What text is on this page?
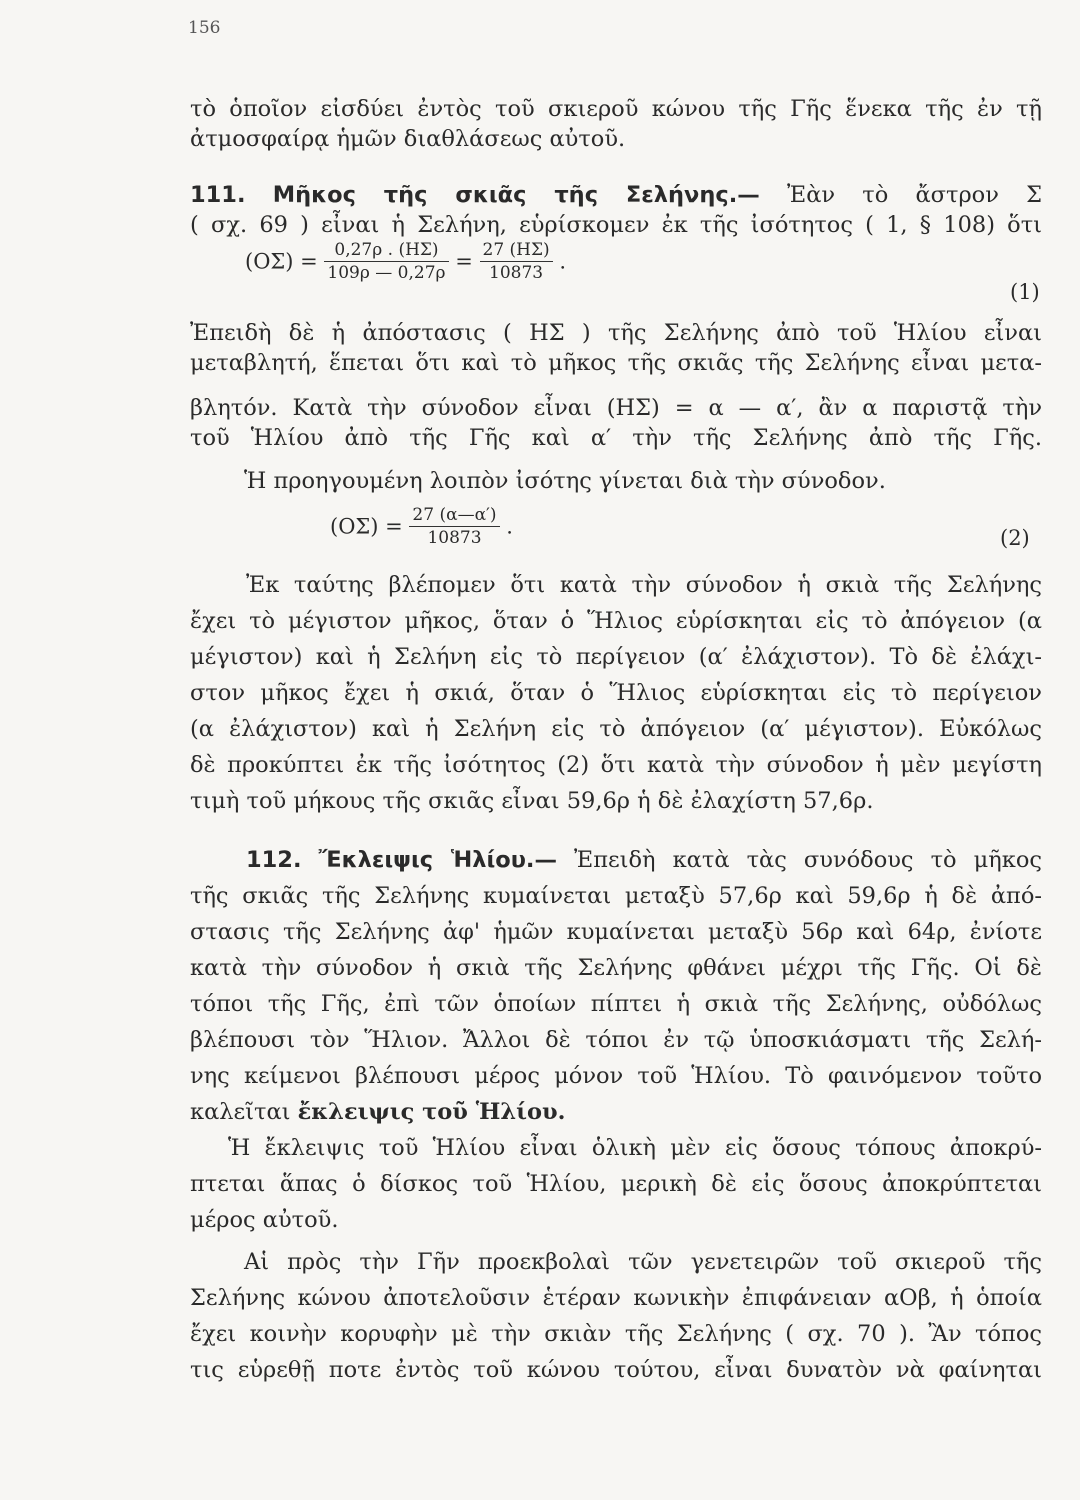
156
τὸ ὁποῖον εἰσδύει ἐντὸς τοῦ σκιεροῦ κώνου τῆς Γῆς ἕνεκα τῆς ἐν τῇ
ἀτμοσφαίρᾳ ἡμῶν διαθλάσεως αὐτοῦ.
111. Μῆκος τῆς σκιᾶς τῆς Σελήνης.— Ἐὰν τὸ ἄστρον Σ
( σχ. 69 ) εἶναι ἡ Σελήνη, εὑρίσκομεν ἐκ τῆς ἰσότητος ( 1, § 108) ὅτι
$(O\Sigma) = \frac{0,27\rho . (H\Sigma)}{109\rho — 0,27\rho} = \frac{27 (H\Sigma)}{10873}$ .
(1)
Ἐπειδὴ δὲ ἡ ἀπόστασις ( ΗΣ ) τῆς Σελήνης ἀπὸ τοῦ Ἡλίου εἶναι
μεταβλητή, ἕπεται ὅτι καὶ τὸ μῆκος τῆς σκιᾶς τῆς Σελήνης εἶναι μετα-
βλητόν. Κατὰ τὴν σύνοδον εἶναι (ΗΣ) = α — α′, ἂν α παριστᾷ τὴν
τοῦ Ἡλίου ἀπὸ τῆς Γῆς καὶ α′ τὴν τῆς Σελήνης ἀπὸ τῆς Γῆς.
Ἡ προηγουμένη λοιπὸν ἰσότης γίνεται διὰ τὴν σύνοδον.
$(O\Sigma) = \frac{27 (\alpha—\alpha')}{10873}$ .	(2)
Ἐκ ταύτης βλέπομεν ὅτι κατὰ τὴν σύνοδον ἡ σκιὰ τῆς Σελήνης
ἔχει τὸ μέγιστον μῆκος, ὅταν ὁ Ἥλιος εὑρίσκηται εἰς τὸ ἀπόγειον (α
μέγιστον) καὶ ἡ Σελήνη εἰς τὸ περίγειον (α′ ἐλάχιστον). Τὸ δὲ ἐλάχι-
στον μῆκος ἔχει ἡ σκιά, ὅταν ὁ Ἥλιος εὑρίσκηται εἰς τὸ περίγειον
(α ἐλάχιστον) καὶ ἡ Σελήνη εἰς τὸ ἀπόγειον (α′ μέγιστον). Εὐκόλως
δὲ προκύπτει ἐκ τῆς ἰσότητος (2) ὅτι κατὰ τὴν σύνοδον ἡ μὲν μεγίστη
τιμὴ τοῦ μήκους τῆς σκιᾶς εἶναι 59,6ρ ἡ δὲ ἐλαχίστη 57,6ρ.
112. Ἔκλειψις Ἡλίου.— Ἐπειδὴ κατὰ τὰς συνόδους τὸ μῆκος
τῆς σκιᾶς τῆς Σελήνης κυμαίνεται μεταξὺ 57,6ρ καὶ 59,6ρ ἡ δὲ ἀπό-
στασις τῆς Σελήνης ἀφ' ἡμῶν κυμαίνεται μεταξὺ 56ρ καὶ 64ρ, ἐνίοτε
κατὰ τὴν σύνοδον ἡ σκιὰ τῆς Σελήνης φθάνει μέχρι τῆς Γῆς. Οἱ δὲ
τόποι τῆς Γῆς, ἐπὶ τῶν ὁποίων πίπτει ἡ σκιὰ τῆς Σελήνης, οὐδόλως
βλέπουσι τὸν Ἥλιον. Ἄλλοι δὲ τόποι ἐν τῷ ὑποσκιάσματι τῆς Σελή-
νης κείμενοι βλέπουσι μέρος μόνον τοῦ Ἡλίου. Τὸ φαινόμενον τοῦτο
καλεῖται ἔκλειψις τοῦ Ἡλίου.
Ἡ ἔκλειψις τοῦ Ἡλίου εἶναι ὁλικὴ μὲν εἰς ὅσους τόπους ἀποκρύ-
πτεται ἅπας ὁ δίσκος τοῦ Ἡλίου, μερικὴ δὲ εἰς ὅσους ἀποκρύπτεται
μέρος αὐτοῦ.
Αἱ πρὸς τὴν Γῆν προεκβολαὶ τῶν γενετειρῶν τοῦ σκιεροῦ τῆς
Σελήνης κώνου ἀποτελοῦσιν ἑτέραν κωνικὴν ἐπιφάνειαν αΟβ, ἡ ὁποία
ἔχει κοινὴν κορυφὴν μὲ τὴν σκιὰν τῆς Σελήνης ( σχ. 70 ). Ἂν τόπος
τις εὑρεθῇ ποτε ἐντὸς τοῦ κώνου τούτου, εἶναι δυνατὸν νὰ φαίνηται
